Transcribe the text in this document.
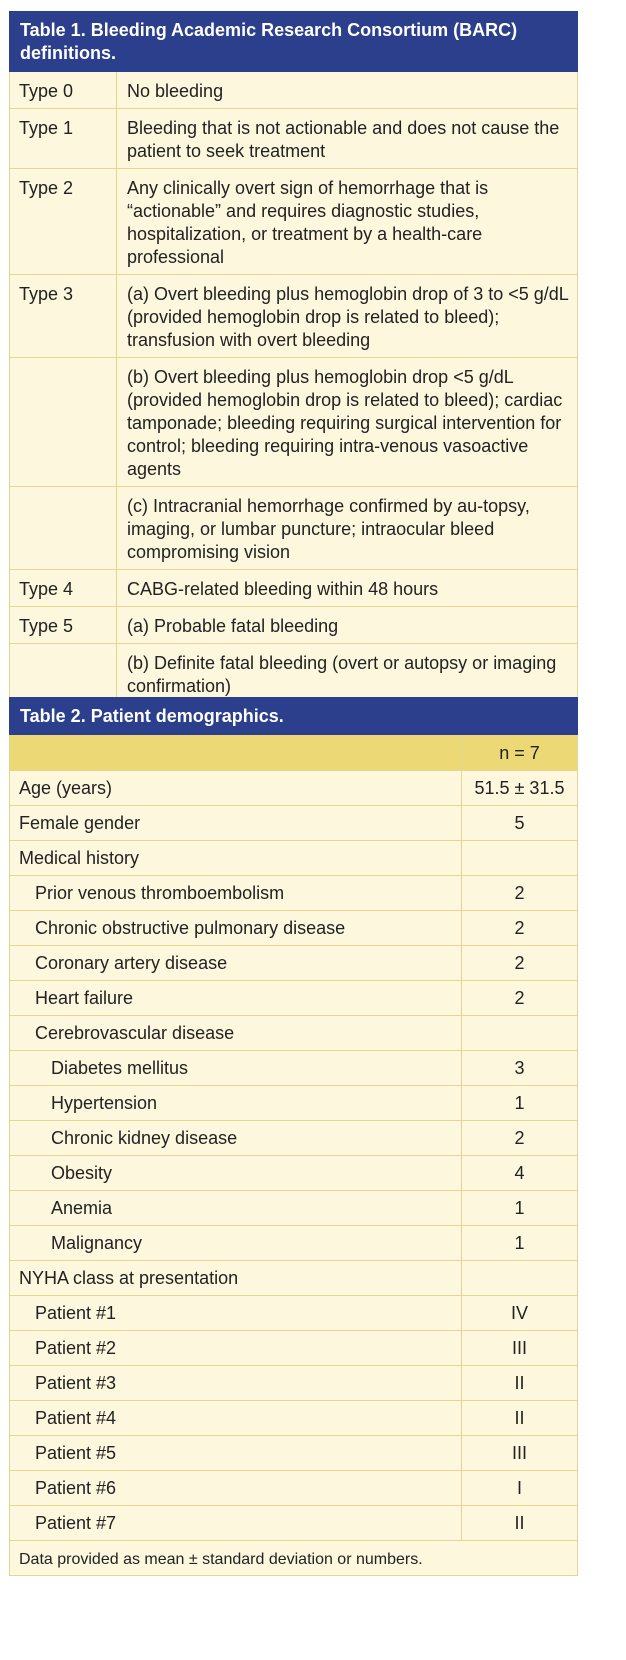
Table 1. Bleeding Academic Research Consortium (BARC) definitions.	
Type 0	No bleeding
Type 1	Bleeding that is not actionable and does not cause the patient to seek treatment
Type 2	Any clinically overt sign of hemorrhage that is “actionable” and requires diagnostic studies, hospitalization, or treatment by a health-care professional
Type 3	(a) Overt bleeding plus hemoglobin drop of 3 to <5 g/dL (provided hemoglobin drop is related to bleed); transfusion with overt bleeding
	(b) Overt bleeding plus hemoglobin drop <5 g/dL (provided hemoglobin drop is related to bleed); cardiac tamponade; bleeding requiring surgical intervention for control; bleeding requiring intra-venous vasoactive agents
	(c) Intracranial hemorrhage confirmed by au-topsy, imaging, or lumbar puncture; intraocular bleed compromising vision
Type 4	CABG-related bleeding within 48 hours
Type 5	(a) Probable fatal bleeding
	(b) Definite fatal bleeding (overt or autopsy or imaging confirmation)
Table 2. Patient demographics.	
	n = 7
Age (years)	51.5 ± 31.5
Female gender	5
Medical history	
Prior venous thromboembolism	2
Chronic obstructive pulmonary disease	2
Coronary artery disease	2
Heart failure	2
Cerebrovascular disease	
Diabetes mellitus	3
Hypertension	1
Chronic kidney disease	2
Obesity	4
Anemia	1
Malignancy	1
NYHA class at presentation	
Patient #1	IV
Patient #2	III
Patient #3	II
Patient #4	II
Patient #5	III
Patient #6	I
Patient #7	II
Data provided as mean ± standard deviation or numbers.	
